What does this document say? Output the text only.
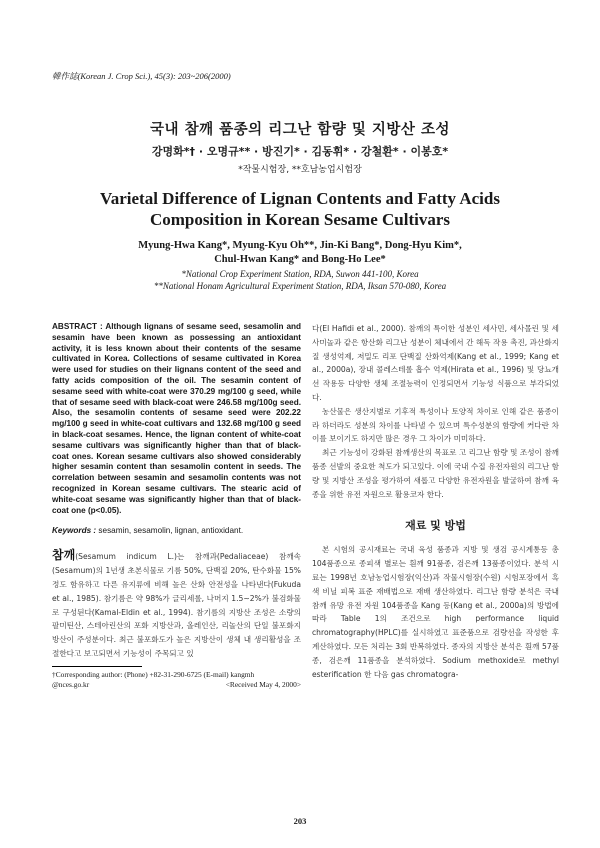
韓作誌(Korean J. Crop Sci.), 45(3): 203~206(2000)
국내 참깨 품종의 리그난 함량 및 지방산 조성
강명화*† · 오명규** · 방진기* · 김동휘* · 강철환* · 이봉호*
*작물시험장, **호남농업시험장
Varietal Difference of Lignan Contents and Fatty Acids
Composition in Korean Sesame Cultivars
Myung-Hwa Kang*, Myung-Kyu Oh**, Jin-Ki Bang*, Dong-Hyu Kim*,
Chul-Hwan Kang* and Bong-Ho Lee*
*National Crop Experiment Station, RDA, Suwon 441-100, Korea
**National Honam Agricultural Experiment Station, RDA, Iksan 570-080, Korea

ABSTRACT : Although lignans of sesame seed, sesamolin and sesamin have been known as possessing an antioxidant activity, it is less known about their contents of the sesame cultivated in Korea. Collections of sesame cultivated in Korea were used for studies on their lignans content of the seed and fatty acids composition of the oil. The sesamin content of sesame seed with white-coat were 370.29 mg/100 g seed, while that of sesame seed with black-coat were 246.58 mg/100g seed. Also, the sesamolin contents of sesame seed were 202.22 mg/100 g seed in white-coat cultivars and 132.68 mg/100 g seed in black-coat sesames. Hence, the lignan content of white-coat sesame cultivars was significantly higher than that of black-coat ones. Korean sesame cultivars also showed considerably higher sesamin content than sesamolin content in seeds. The correlation between sesamin and sesamolin contents was not recognized in Korean sesame cultivars. The stearic acid of white-coat sesame was significantly higher than that of black-coat one (p<0.05).

Keywords : sesamin, sesamolin, lignan, antioxidant.

참깨(Sesamum indicum L.)는 참깨과(Pedaliaceae) 참깨속(Sesamum)의 1년생 초본식물로 기름 50%, 단백질 20%, 탄수화물 15% 정도 함유하고 다른 유지류에 비해 높은 산화 안전성을 나타낸다(Fukuda et al., 1985). 참기름은 약 98%가 글리세롤, 나머지 1.5~2%가 불검화물로 구성된다(Kamal-Eldin et al., 1994). 참기름의 지방산 조성은 소량의 팔미틴산, 스테아린산의 포화 지방산과, 올레인산, 리놀산의 단일 불포화지방산이 주성분이다. 최근 불포화도가 높은 지방산이 생체 내 생리활성을 조절한다고 보고되면서 기능성이 주목되고 있

†Corresponding author: (Phone) +82-31-290-6725 (E-mail) kangmh
@nces.go.kr	<Received May 4, 2000>

다(El Hafidi et al., 2000). 참깨의 특이한 성분인 세사민, 세사몰린 및 세사미놀과 같은 항산화 리그난 성분이 체내에서 간 해독 작용 촉진, 과산화지질 생성억제, 저밀도 리포 단백질 산화억제(Kang et al., 1999; Kang et al., 2000a), 장내 콜레스테롤 흡수 억제(Hirata et al., 1996) 및 당뇨개선 작용등 다양한 생체 조절능력이 인정되면서 기능성 식품으로 부각되었다.

농산물은 생산지별로 기후적 특성이나 토양적 차이로 인해 같은 품종이라 하더라도 성분의 차이를 나타낼 수 있으며 특수성분의 함량에 커다란 차이를 보이기도 하지만 많은 경우 그 차이가 미미하다.

최근 기능성이 강화된 참깨생산의 목표로 고 리그난 함량 및 조성이 참깨 품종 선발의 중요한 척도가 되고있다. 이에 국내 수집 유전자원의 리그난 함량 및 지방산 조성을 평가하여 새롭고 다양한 유전자원을 발굴하여 참깨 육종을 위한 유전 자원으로 활용코자 한다.

재료 및 방법

본 시험의 공시재료는 국내 육성 품종과 지방 및 생검 공시계통등 총 104품종으로 종피색 별로는 흰깨 91품종, 검은깨 13품종이었다. 분석 시료는 1998년 호남농업시험장(익산)과 작물시험장(수원) 시험포장에서 흑색 비닐 피복 표준 재배법으로 재배 생산하였다. 리그난 함량 분석은 국내 참깨 유망 유전 자원 104품종을 Kang 등(Kang et al., 2000a)의 방법에 따라 Table 1의 조건으로 high performance liquid chromatography(HPLC)를 실시하였고 표준품으로 검량선을 작성한 후 계산하였다. 모든 처리는 3회 반복하였다. 종자의 지방산 분석은 흰깨 57품종, 검은깨 11품종을 분석하였다. Sodium methoxide로 methyl esterification 한 다음 gas chromatogra-

203
